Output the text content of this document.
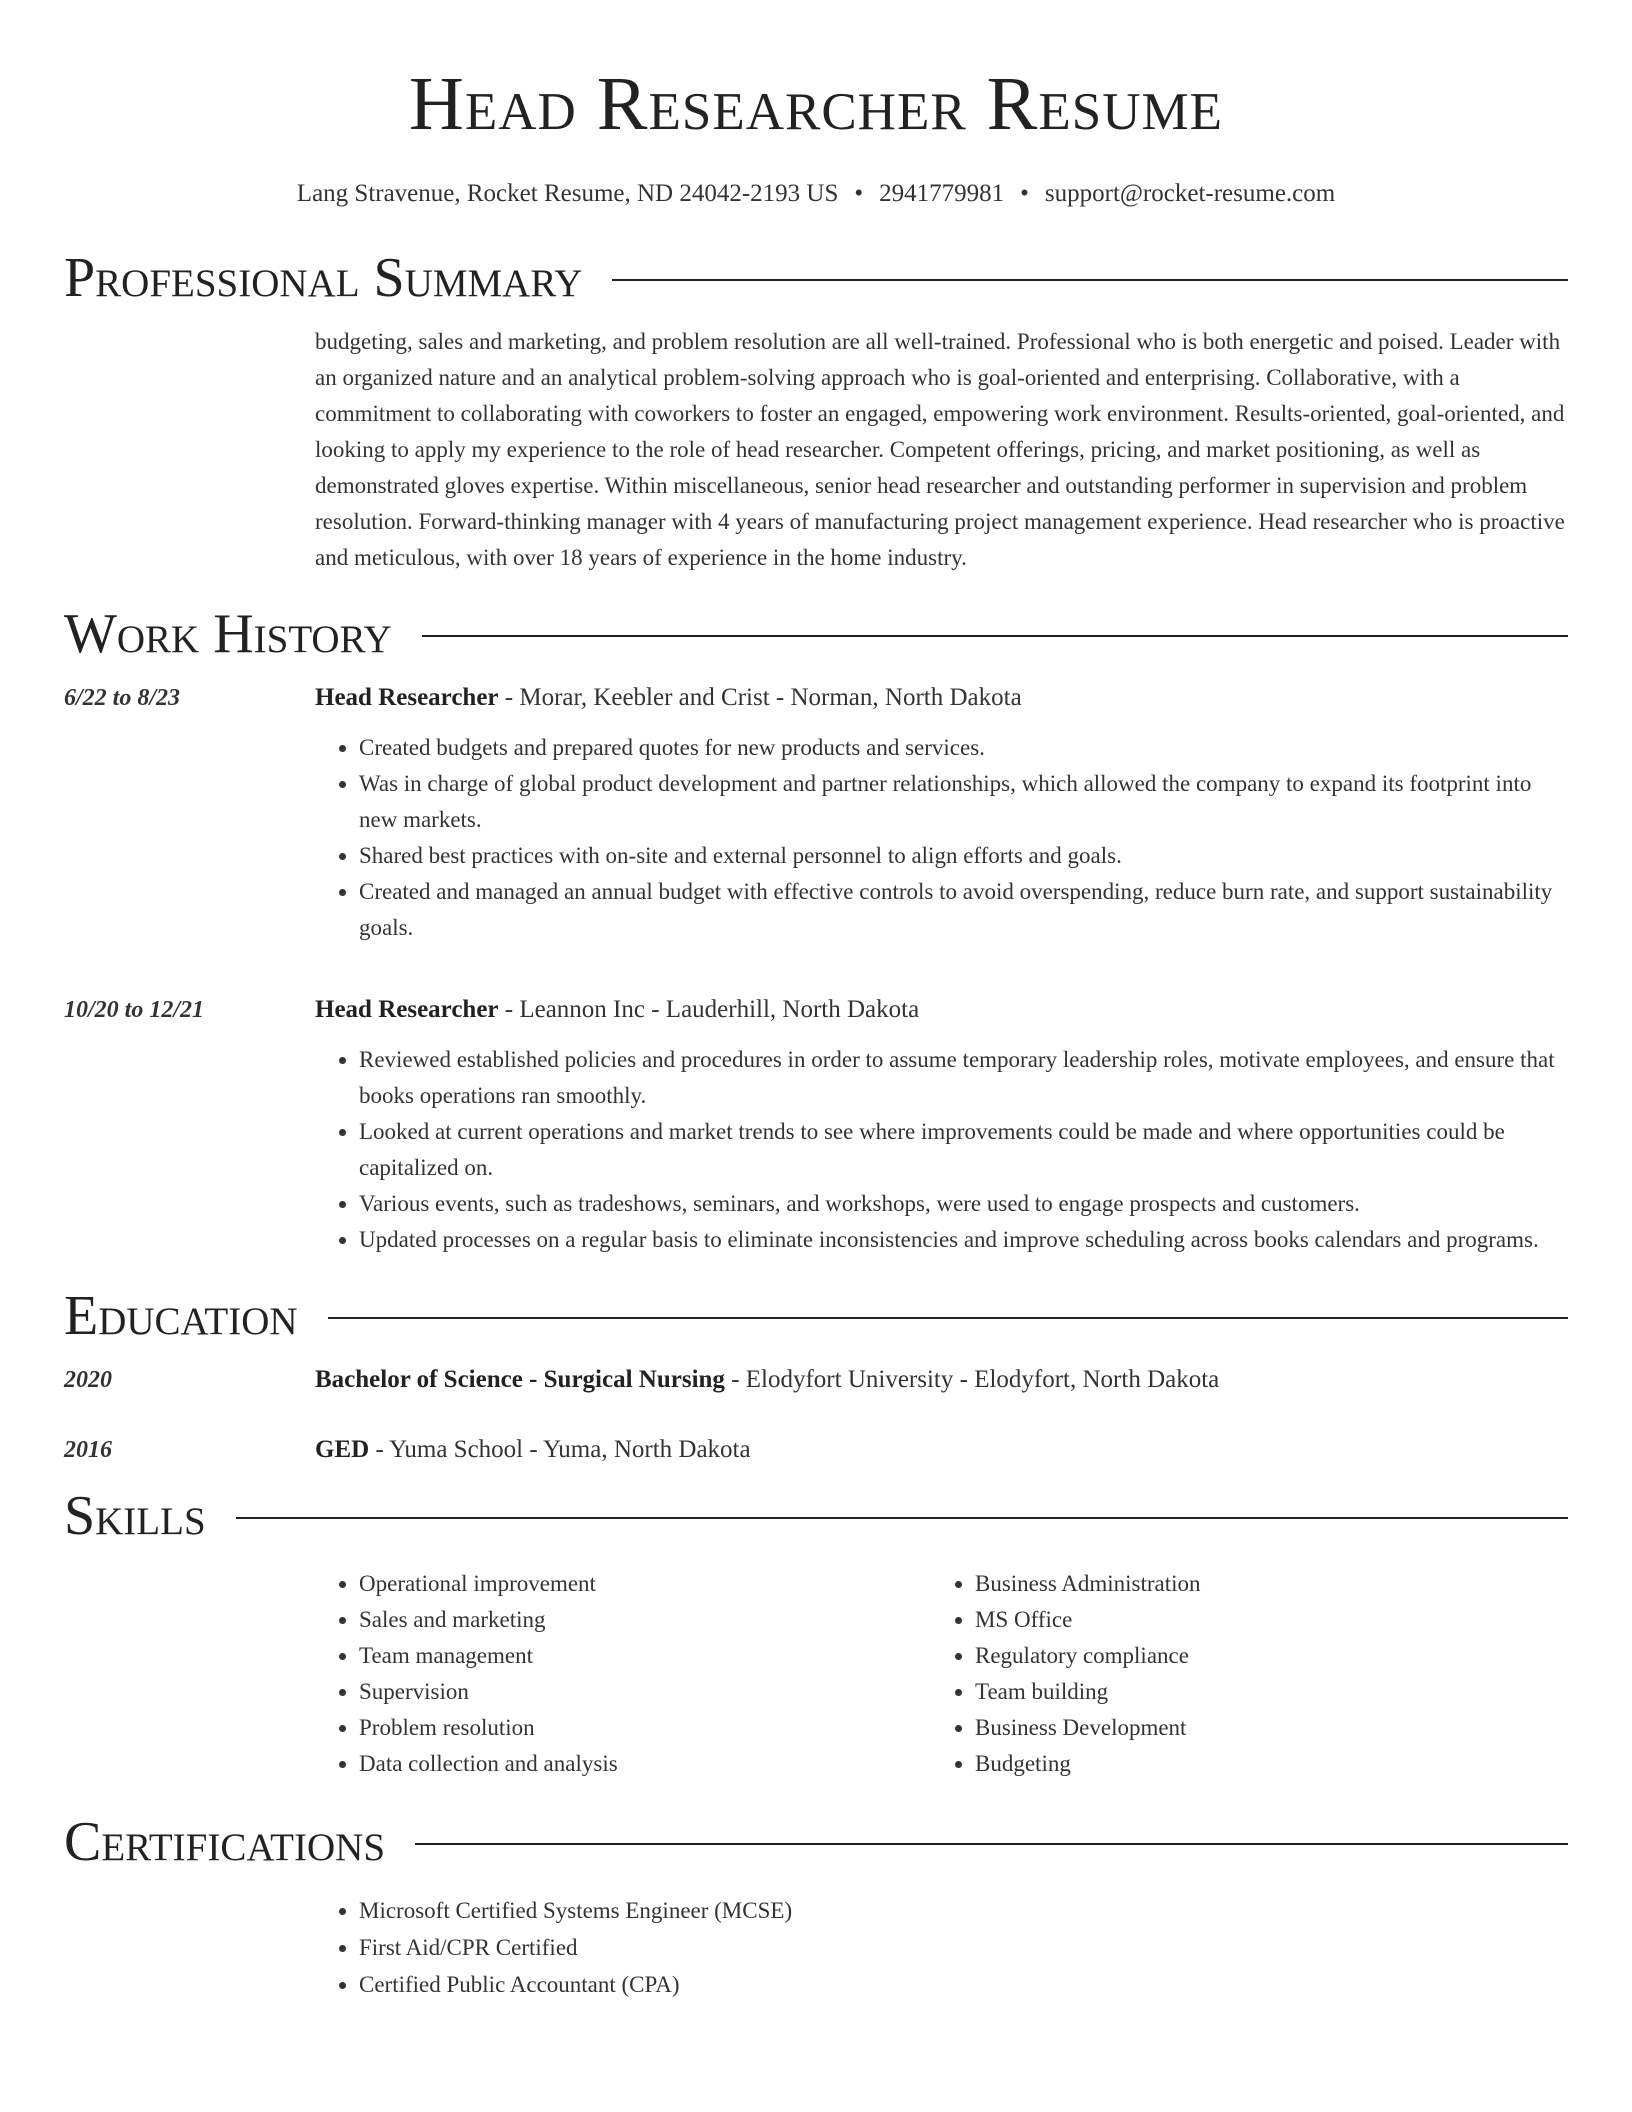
Head Researcher Resume
Lang Stravenue, Rocket Resume, ND 24042-2193 US • 2941779981 • support@rocket-resume.com
Professional Summary
budgeting, sales and marketing, and problem resolution are all well-trained. Professional who is both energetic and poised. Leader with an organized nature and an analytical problem-solving approach who is goal-oriented and enterprising. Collaborative, with a commitment to collaborating with coworkers to foster an engaged, empowering work environment. Results-oriented, goal-oriented, and looking to apply my experience to the role of head researcher. Competent offerings, pricing, and market positioning, as well as demonstrated gloves expertise. Within miscellaneous, senior head researcher and outstanding performer in supervision and problem resolution. Forward-thinking manager with 4 years of manufacturing project management experience. Head researcher who is proactive and meticulous, with over 18 years of experience in the home industry.
Work History
6/22 to 8/23	Head Researcher - Morar, Keebler and Crist - Norman, North Dakota
• Created budgets and prepared quotes for new products and services.
• Was in charge of global product development and partner relationships, which allowed the company to expand its footprint into new markets.
• Shared best practices with on-site and external personnel to align efforts and goals.
• Created and managed an annual budget with effective controls to avoid overspending, reduce burn rate, and support sustainability goals.
10/20 to 12/21	Head Researcher - Leannon Inc - Lauderhill, North Dakota
• Reviewed established policies and procedures in order to assume temporary leadership roles, motivate employees, and ensure that books operations ran smoothly.
• Looked at current operations and market trends to see where improvements could be made and where opportunities could be capitalized on.
• Various events, such as tradeshows, seminars, and workshops, were used to engage prospects and customers.
• Updated processes on a regular basis to eliminate inconsistencies and improve scheduling across books calendars and programs.
Education
2020	Bachelor of Science - Surgical Nursing - Elodyfort University - Elodyfort, North Dakota
2016	GED - Yuma School - Yuma, North Dakota
Skills
• Operational improvement
• Sales and marketing
• Team management
• Supervision
• Problem resolution
• Data collection and analysis
• Business Administration
• MS Office
• Regulatory compliance
• Team building
• Business Development
• Budgeting
Certifications
• Microsoft Certified Systems Engineer (MCSE)
• First Aid/CPR Certified
• Certified Public Accountant (CPA)
